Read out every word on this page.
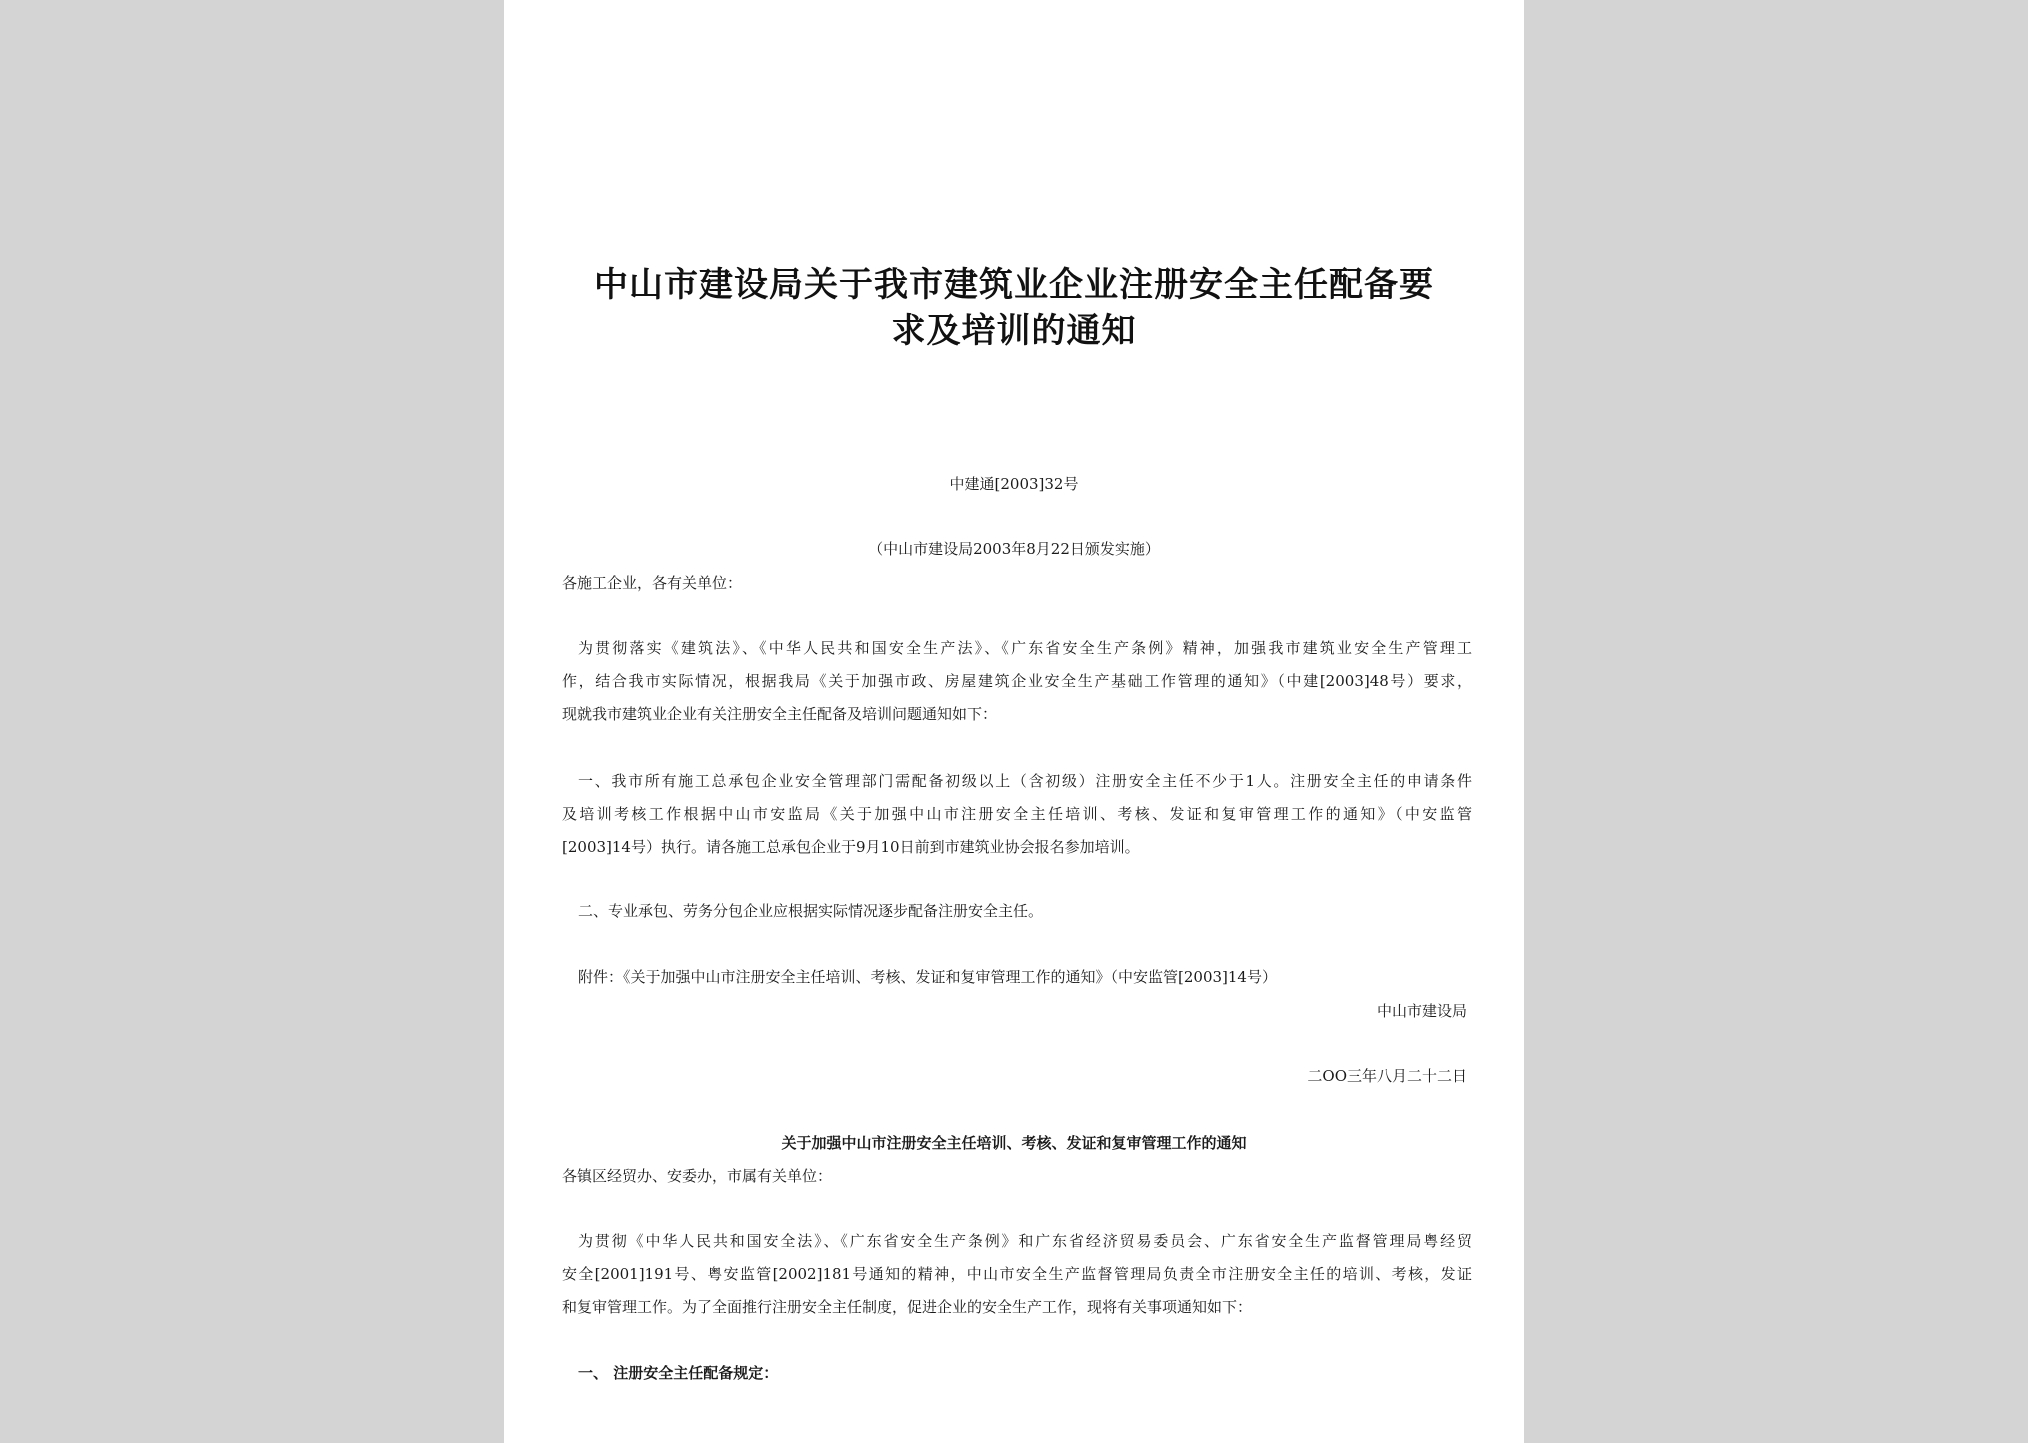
中山市建设局关于我市建筑业企业注册安全主任配备要
求及培训的通知
中建通[2003]32号
（中山市建设局2003年8月22日颁发实施）
各施工企业，各有关单位：
为贯彻落实《建筑法》、《中华人民共和国安全生产法》、《广东省安全生产条例》精神，加强我市建筑业安全生产管理工
作，结合我市实际情况，根据我局《关于加强市政、房屋建筑企业安全生产基础工作管理的通知》（中建[2003]48号）要求，
现就我市建筑业企业有关注册安全主任配备及培训问题通知如下：
一、我市所有施工总承包企业安全管理部门需配备初级以上（含初级）注册安全主任不少于1人。注册安全主任的申请条件
及培训考核工作根据中山市安监局《关于加强中山市注册安全主任培训、考核、发证和复审管理工作的通知》（中安监管
[2003]14号）执行。请各施工总承包企业于9月10日前到市建筑业协会报名参加培训。
二、专业承包、劳务分包企业应根据实际情况逐步配备注册安全主任。
附件：《关于加强中山市注册安全主任培训、考核、发证和复审管理工作的通知》（中安监管[2003]14号）
中山市建设局
二OO三年八月二十二日
关于加强中山市注册安全主任培训、考核、发证和复审管理工作的通知
各镇区经贸办、安委办，市属有关单位：
为贯彻《中华人民共和国安全法》、《广东省安全生产条例》和广东省经济贸易委员会、广东省安全生产监督管理局粤经贸
安全[2001]191号、粤安监管[2002]181号通知的精神，中山市安全生产监督管理局负责全市注册安全主任的培训、考核，发证
和复审管理工作。为了全面推行注册安全主任制度，促进企业的安全生产工作，现将有关事项通知如下：
一、 注册安全主任配备规定：
